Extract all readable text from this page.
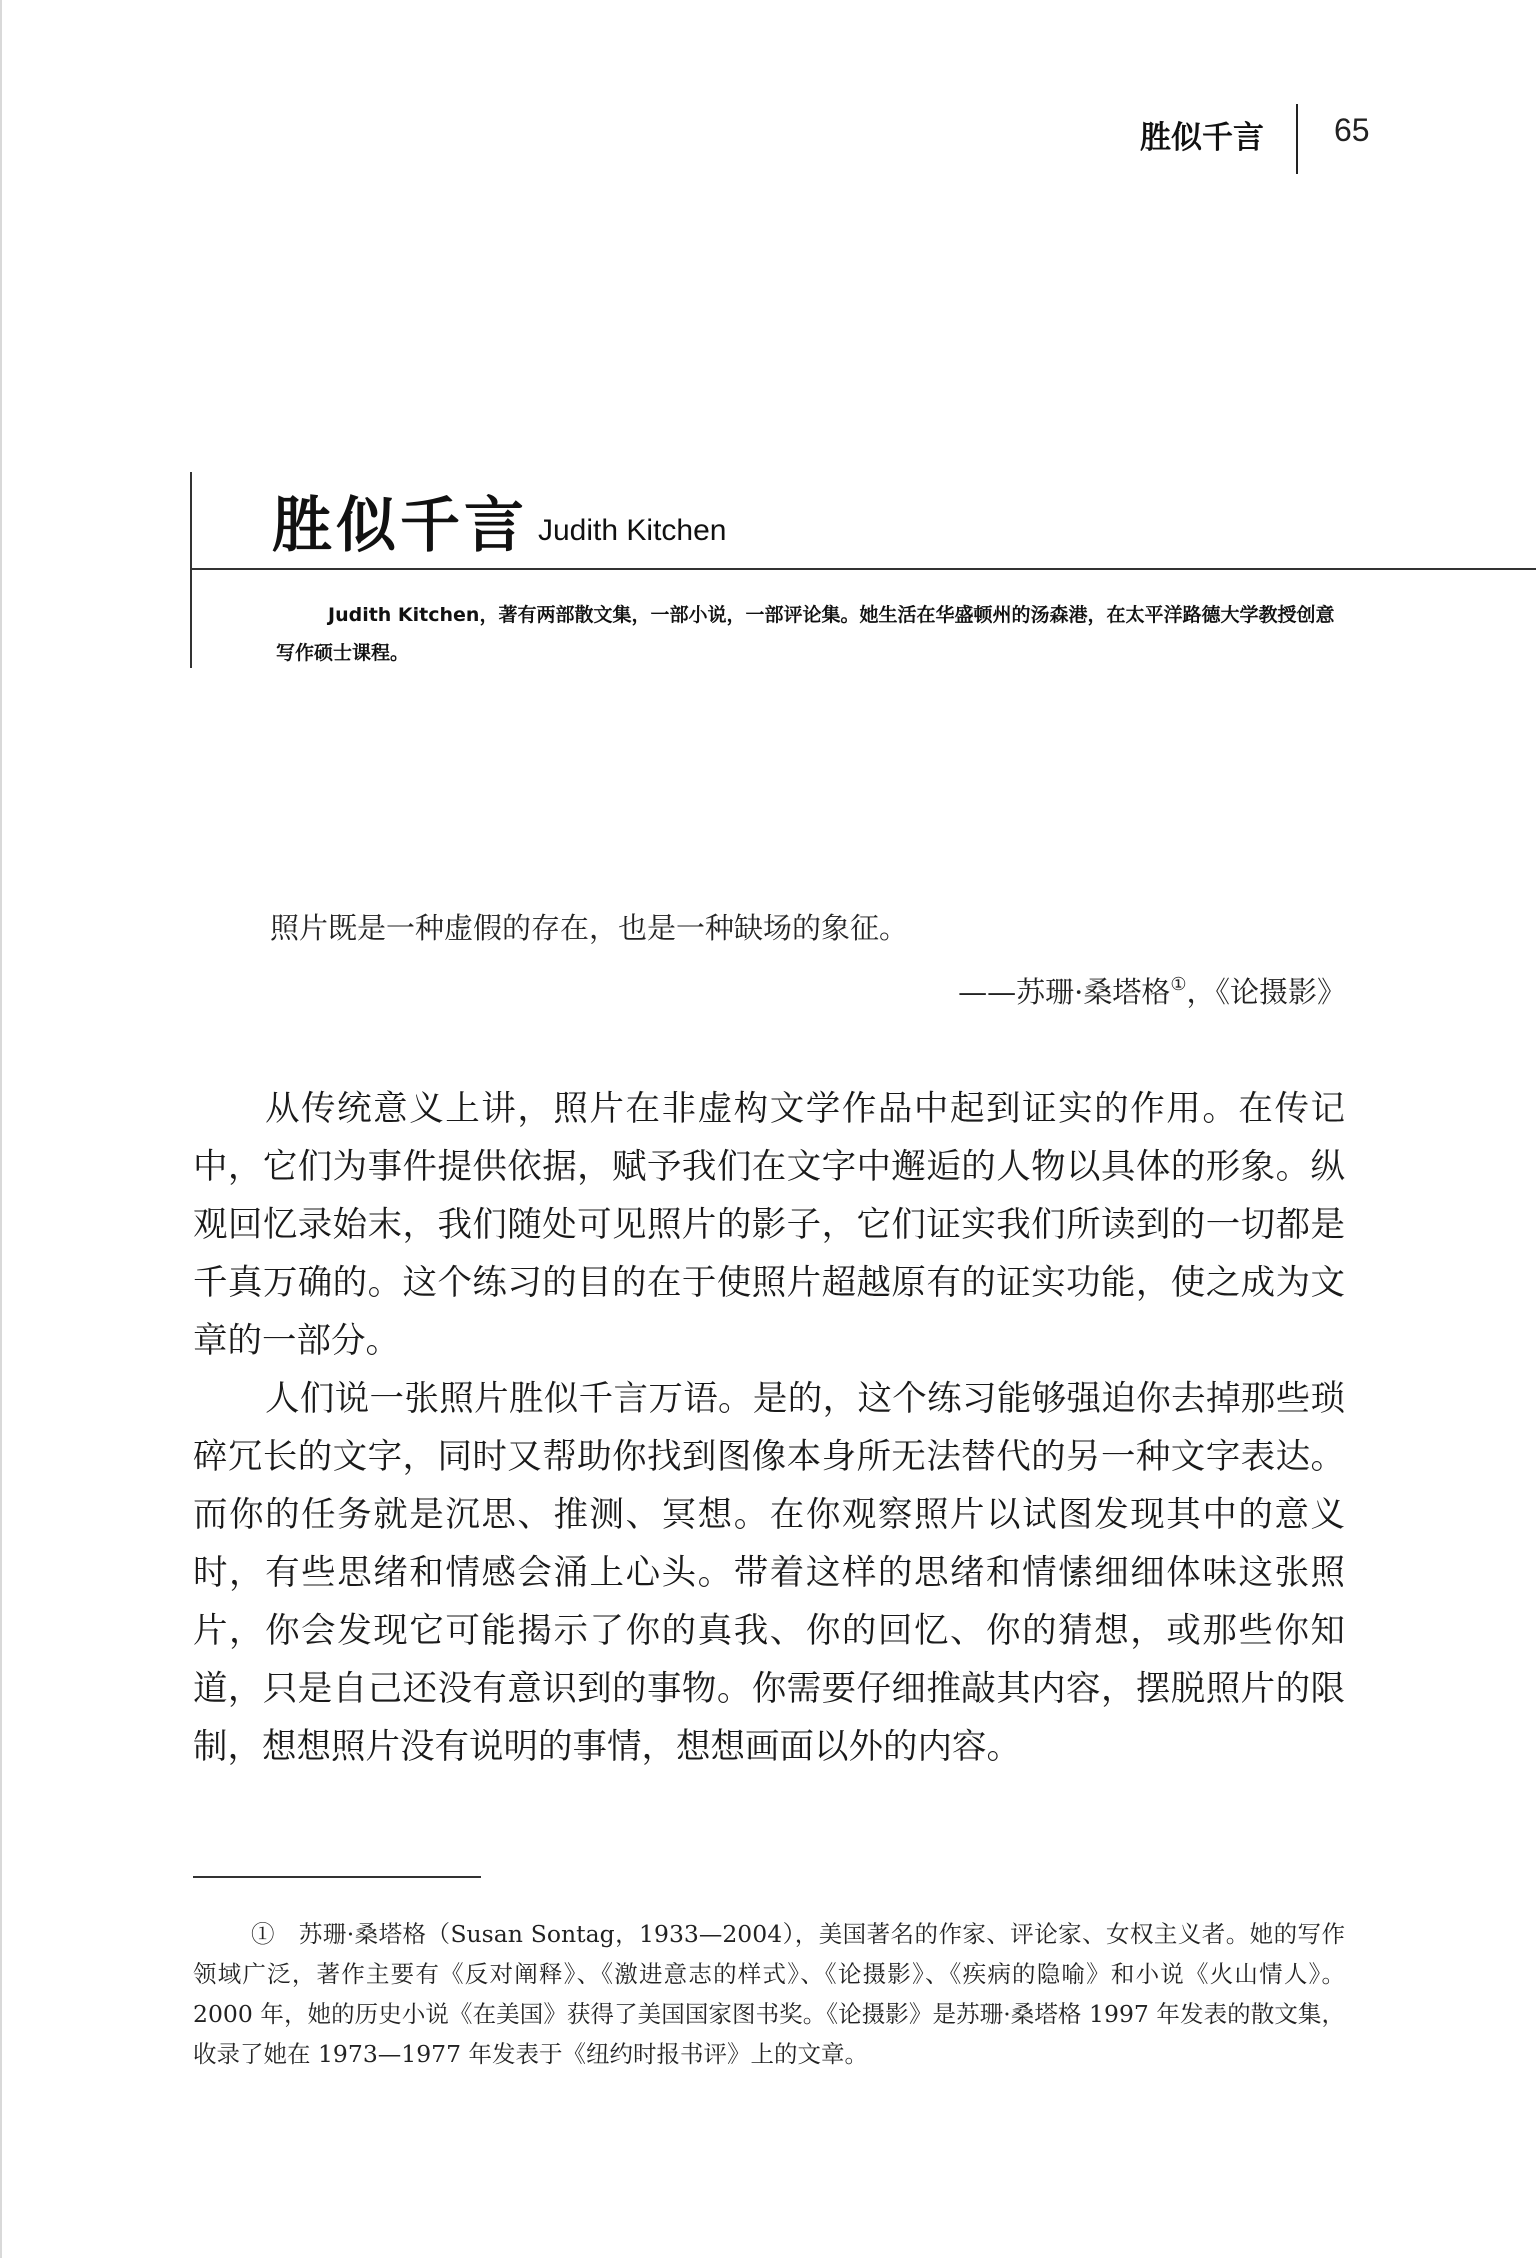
胜似千言 65
胜似千言 Judith Kitchen

Judith Kitchen，著有两部散文集，一部小说，一部评论集。她生活在华盛顿州的汤森港，在太平洋路德大学教授创意写作硕士课程。

照片既是一种虚假的存在，也是一种缺场的象征。
——苏珊·桑塔格①，《论摄影》

从传统意义上讲，照片在非虚构文学作品中起到证实的作用。在传记中，它们为事件提供依据，赋予我们在文字中邂逅的人物以具体的形象。纵观回忆录始末，我们随处可见照片的影子，它们证实我们所读到的一切都是千真万确的。这个练习的目的在于使照片超越原有的证实功能，使之成为文章的一部分。

人们说一张照片胜似千言万语。是的，这个练习能够强迫你去掉那些琐碎冗长的文字，同时又帮助你找到图像本身所无法替代的另一种文字表达。而你的任务就是沉思、推测、冥想。在你观察照片以试图发现其中的意义时，有些思绪和情感会涌上心头。带着这样的思绪和情愫细细体味这张照片，你会发现它可能揭示了你的真我、你的回忆、你的猜想，或那些你知道，只是自己还没有意识到的事物。你需要仔细推敲其内容，摆脱照片的限制，想想照片没有说明的事情，想想画面以外的内容。

①　苏珊·桑塔格（Susan Sontag，1933—2004），美国著名的作家、评论家、女权主义者。她的写作领域广泛，著作主要有《反对阐释》、《激进意志的样式》、《论摄影》、《疾病的隐喻》和小说《火山情人》。2000 年，她的历史小说《在美国》获得了美国国家图书奖。《论摄影》是苏珊·桑塔格 1997 年发表的散文集，收录了她在 1973—1977 年发表于《纽约时报书评》上的文章。
